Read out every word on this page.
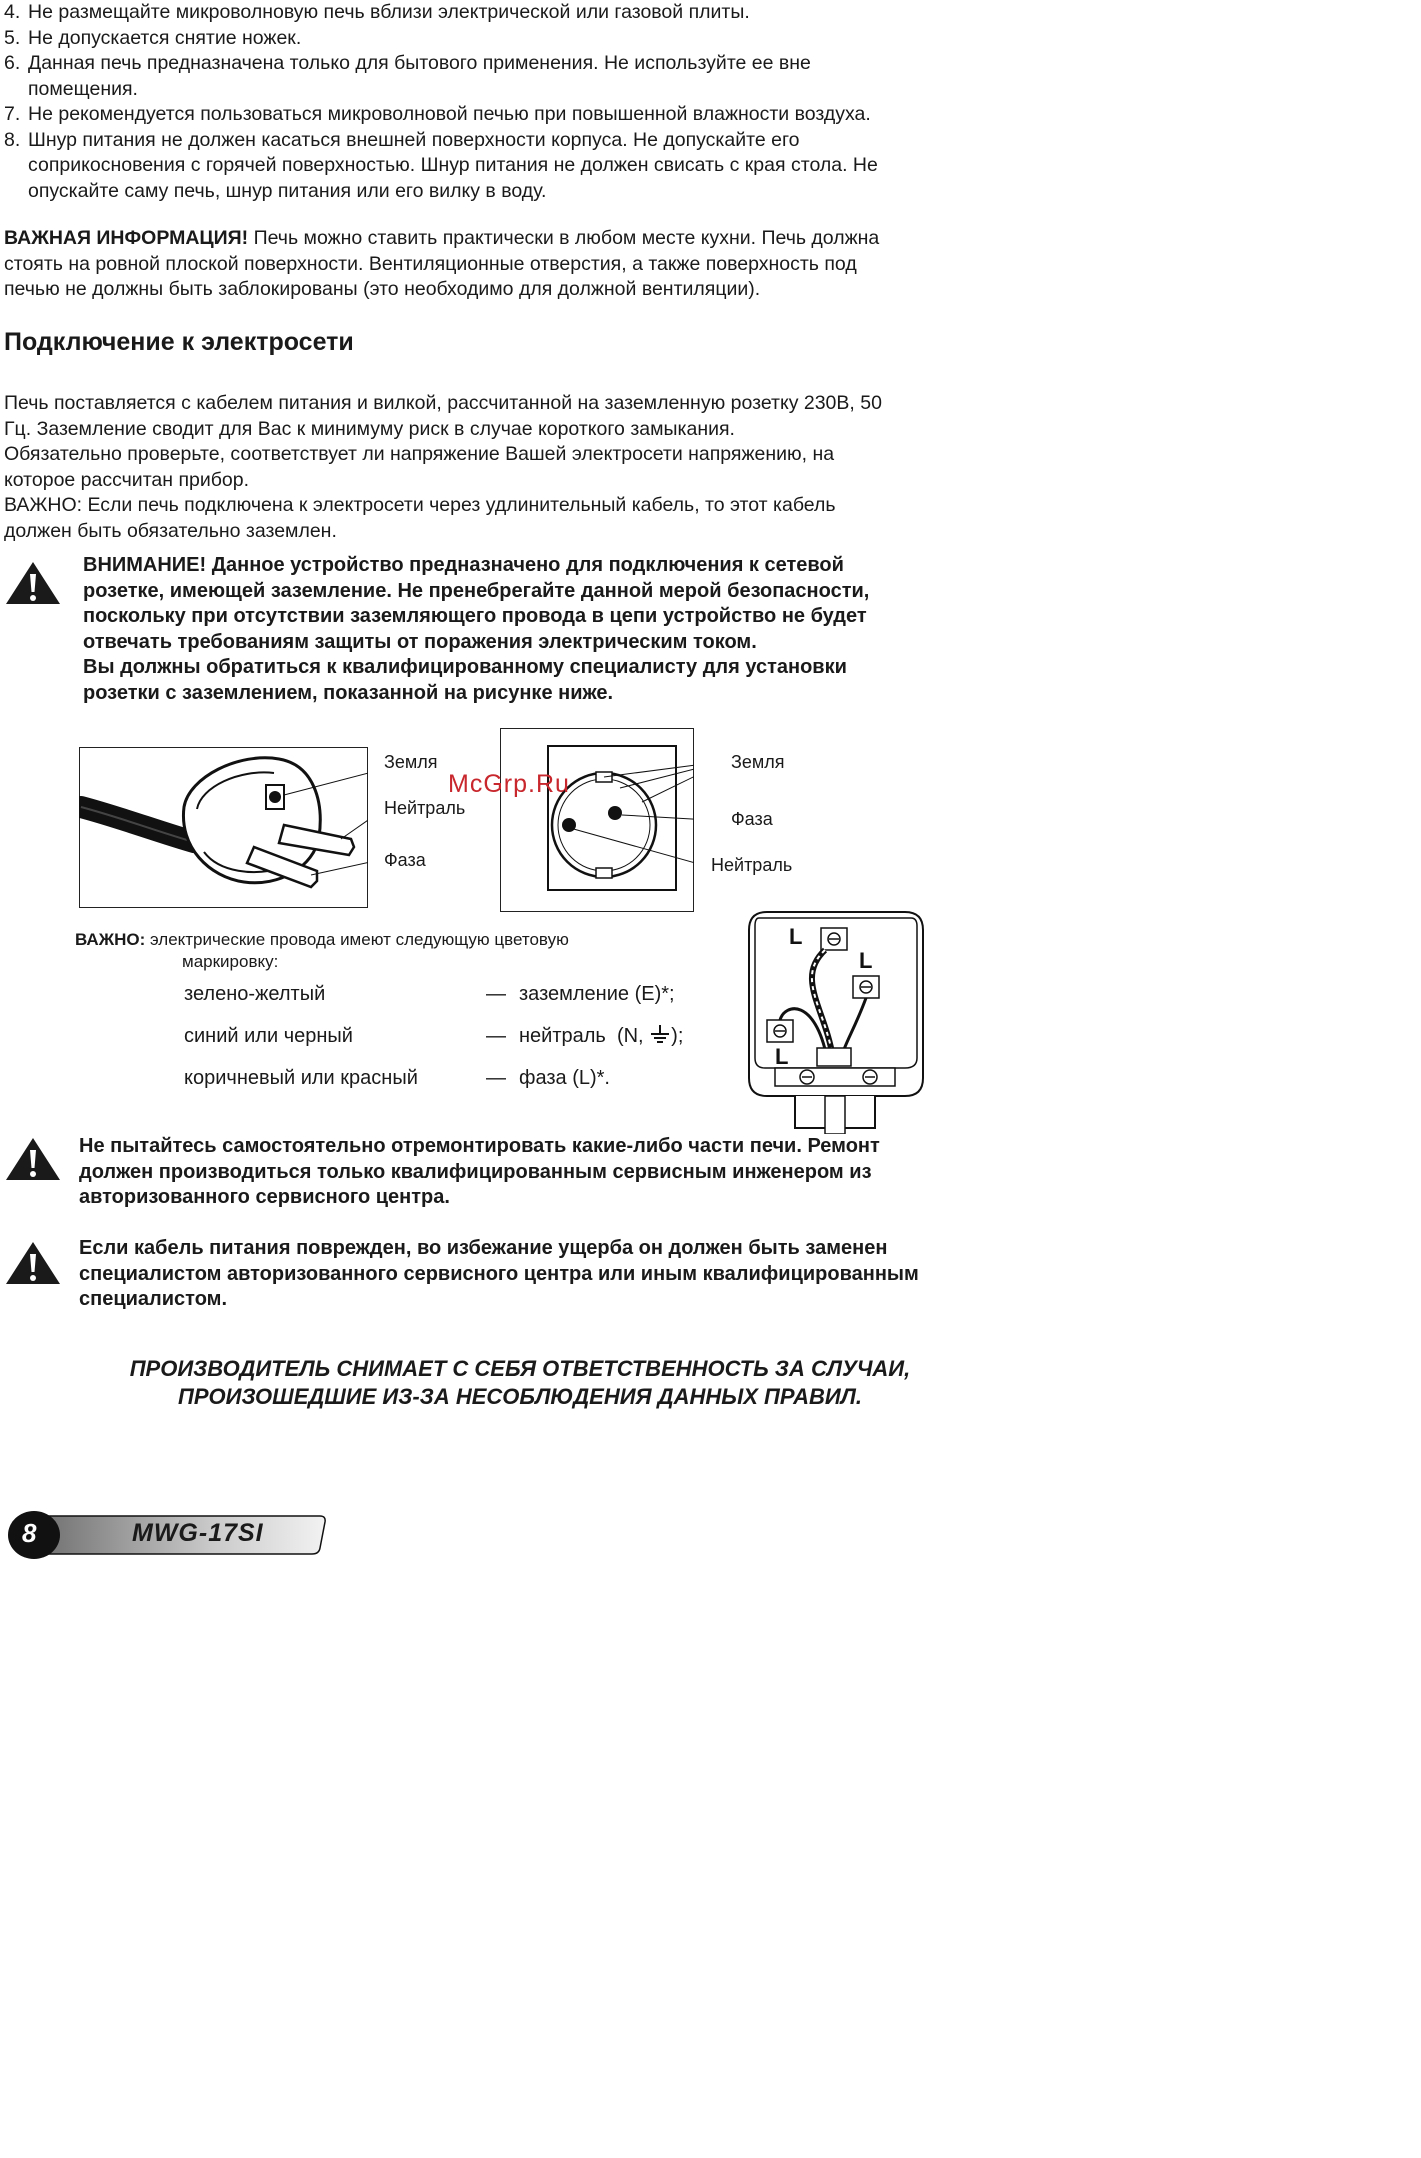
4. Не размещайте микроволновую печь вблизи электрической или газовой плиты.
5. Не допускается снятие ножек.
6. Данная печь предназначена только для бытового применения. Не используйте ее вне
помещения.
7. Не рекомендуется пользоваться микроволновой печью при повышенной влажности воздуха.
8. Шнур питания не должен касаться внешней поверхности корпуса. Не допускайте его
соприкосновения с горячей поверхностью. Шнур питания не должен свисать с края стола. Не
опускайте саму печь, шнур питания или его вилку в воду.
ВАЖНАЯ ИНФОРМАЦИЯ! Печь можно ставить практически в любом месте кухни. Печь должна
стоять на ровной плоской поверхности. Вентиляционные отверстия, а также поверхность под
печью не должны быть заблокированы (это необходимо для должной вентиляции).
Подключение к электросети
Печь поставляется с кабелем питания и вилкой, рассчитанной на заземленную розетку 230В, 50
Гц. Заземление сводит для Вас к минимуму риск в случае короткого замыкания.
Обязательно проверьте, соответствует ли напряжение Вашей электросети напряжению, на
которое рассчитан прибор.
ВАЖНО: Если печь подключена к электросети через удлинительный кабель, то этот кабель
должен быть обязательно заземлен.
ВНИМАНИЕ! Данное устройство предназначено для подключения к сетевой
розетке, имеющей заземление. Не пренебрегайте данной мерой безопасности,
поскольку при отсутствии заземляющего провода в цепи устройство не будет
отвечать требованиям защиты от поражения электрическим током.
Вы должны обратиться к квалифицированному специалисту для установки
розетки с заземлением, показанной на рисунке ниже.
Земля
Нейтраль
Фаза
Земля
Фаза
Нейтраль
McGrp.Ru
ВАЖНО: электрические провода имеют следующую цветовую
маркировку:
зелено-желтый	— заземление (E)*;
синий или черный	— нейтраль  (N, );
коричневый или красный	— фаза (L)*.
L
L
L
Не пытайтесь самостоятельно отремонтировать какие-либо части печи. Ремонт
должен производиться только квалифицированным сервисным инженером из
авторизованного сервисного центра.
Если кабель питания поврежден, во избежание ущерба он должен быть заменен
специалистом авторизованного сервисного центра или иным квалифицированным
специалистом.
ПРОИЗВОДИТЕЛЬ СНИМАЕТ С СЕБЯ ОТВЕТСТВЕННОСТЬ ЗА СЛУЧАИ,
ПРОИЗОШЕДШИЕ ИЗ-ЗА НЕСОБЛЮДЕНИЯ ДАННЫХ ПРАВИЛ.
8	MWG-17SI
